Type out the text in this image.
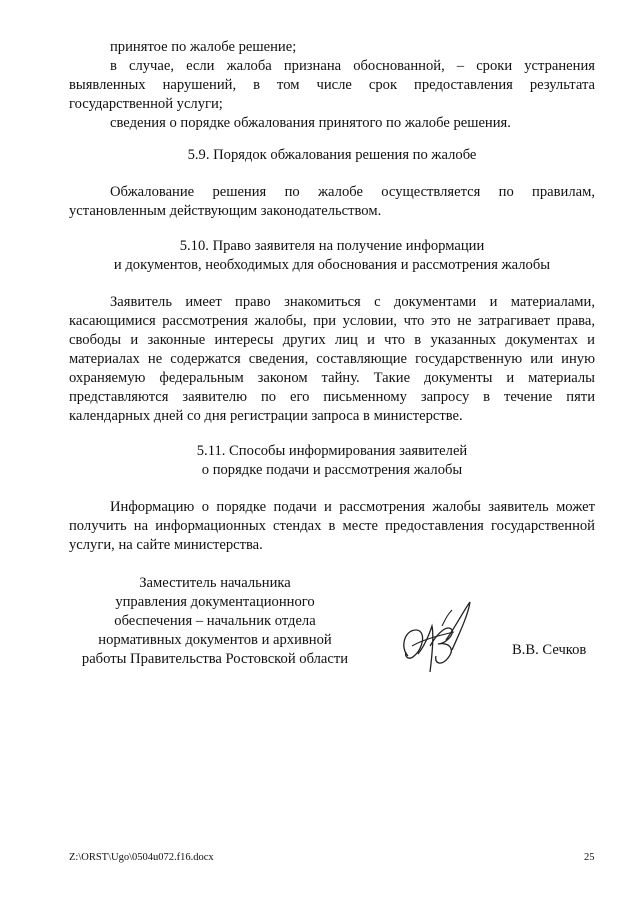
принятое по жалобе решение;

в случае, если жалоба признана обоснованной, – сроки устранения выявленных нарушений, в том числе срок предоставления результата государственной услуги;

сведения о порядке обжалования принятого по жалобе решения.

5.9. Порядок обжалования решения по жалобе

Обжалование решения по жалобе осуществляется по правилам, установленным действующим законодательством.

5.10. Право заявителя на получение информации

и документов, необходимых для обоснования и рассмотрения жалобы

Заявитель имеет право знакомиться с документами и материалами, касающимися рассмотрения жалобы, при условии, что это не затрагивает права, свободы и законные интересы других лиц и что в указанных документах и материалах не содержатся сведения, составляющие государственную или иную охраняемую федеральным законом тайну. Такие документы и материалы представляются заявителю по его письменному запросу в течение пяти календарных дней со дня регистрации запроса в министерстве.

5.11. Способы информирования заявителей

о порядке подачи и рассмотрения жалобы

Информацию о порядке подачи и рассмотрения жалобы заявитель может получить на информационных стендах в месте предоставления государственной услуги, на сайте министерства.

Заместитель начальника
управления документационного
обеспечения – начальник отдела
нормативных документов и архивной
работы Правительства Ростовской области
В.В. Сечков
Z:\ORST\Ugo\0504u072.f16.docx	25
